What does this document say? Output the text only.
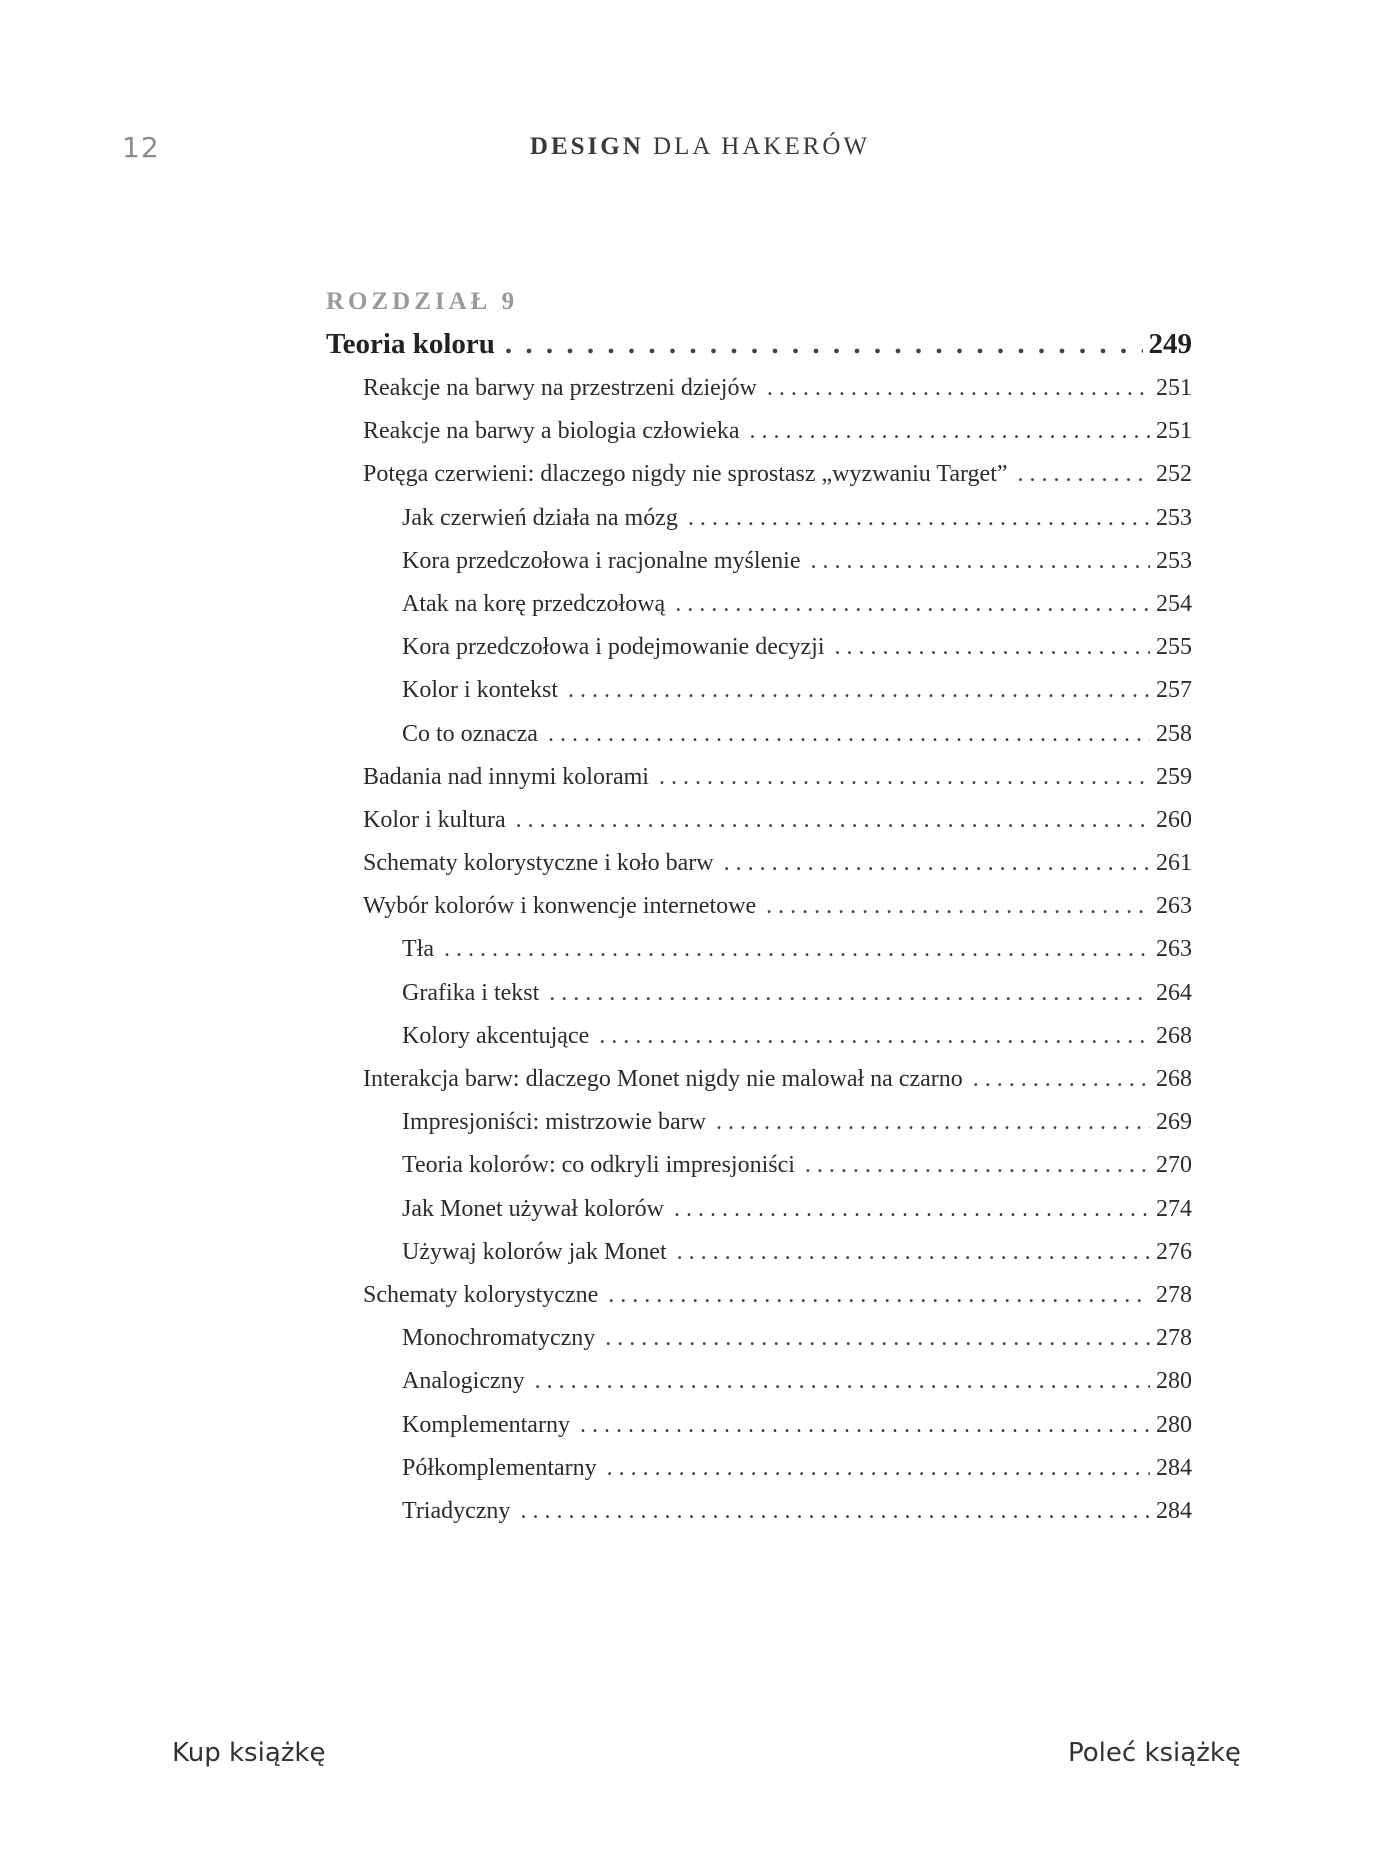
12	DESIGN DLA HAKERÓW
ROZDZIAŁ 9
Teoria koloru . . .	249
Reakcje na barwy na przestrzeni dziejów . . .	251
Reakcje na barwy a biologia człowieka . . .	251
Potęga czerwieni: dlaczego nigdy nie sprostasz „wyzwaniu Target” . . .	252
Jak czerwień działa na mózg . . .	253
Kora przedczołowa i racjonalne myślenie . . .	253
Atak na korę przedczołową . . .	254
Kora przedczołowa i podejmowanie decyzji . . .	255
Kolor i kontekst . . .	257
Co to oznacza . . .	258
Badania nad innymi kolorami . . .	259
Kolor i kultura . . .	260
Schematy kolorystyczne i koło barw . . .	261
Wybór kolorów i konwencje internetowe . . .	263
Tła . . .	263
Grafika i tekst . . .	264
Kolory akcentujące . . .	268
Interakcja barw: dlaczego Monet nigdy nie malował na czarno . . .	268
Impresjoniści: mistrzowie barw . . .	269
Teoria kolorów: co odkryli impresjoniści . . .	270
Jak Monet używał kolorów . . .	274
Używaj kolorów jak Monet . . .	276
Schematy kolorystyczne . . .	278
Monochromatyczny . . .	278
Analogiczny . . .	280
Komplementarny . . .	280
Półkomplementarny . . .	284
Triadyczny . . .	284
Kup książkę	Poleć książkę
